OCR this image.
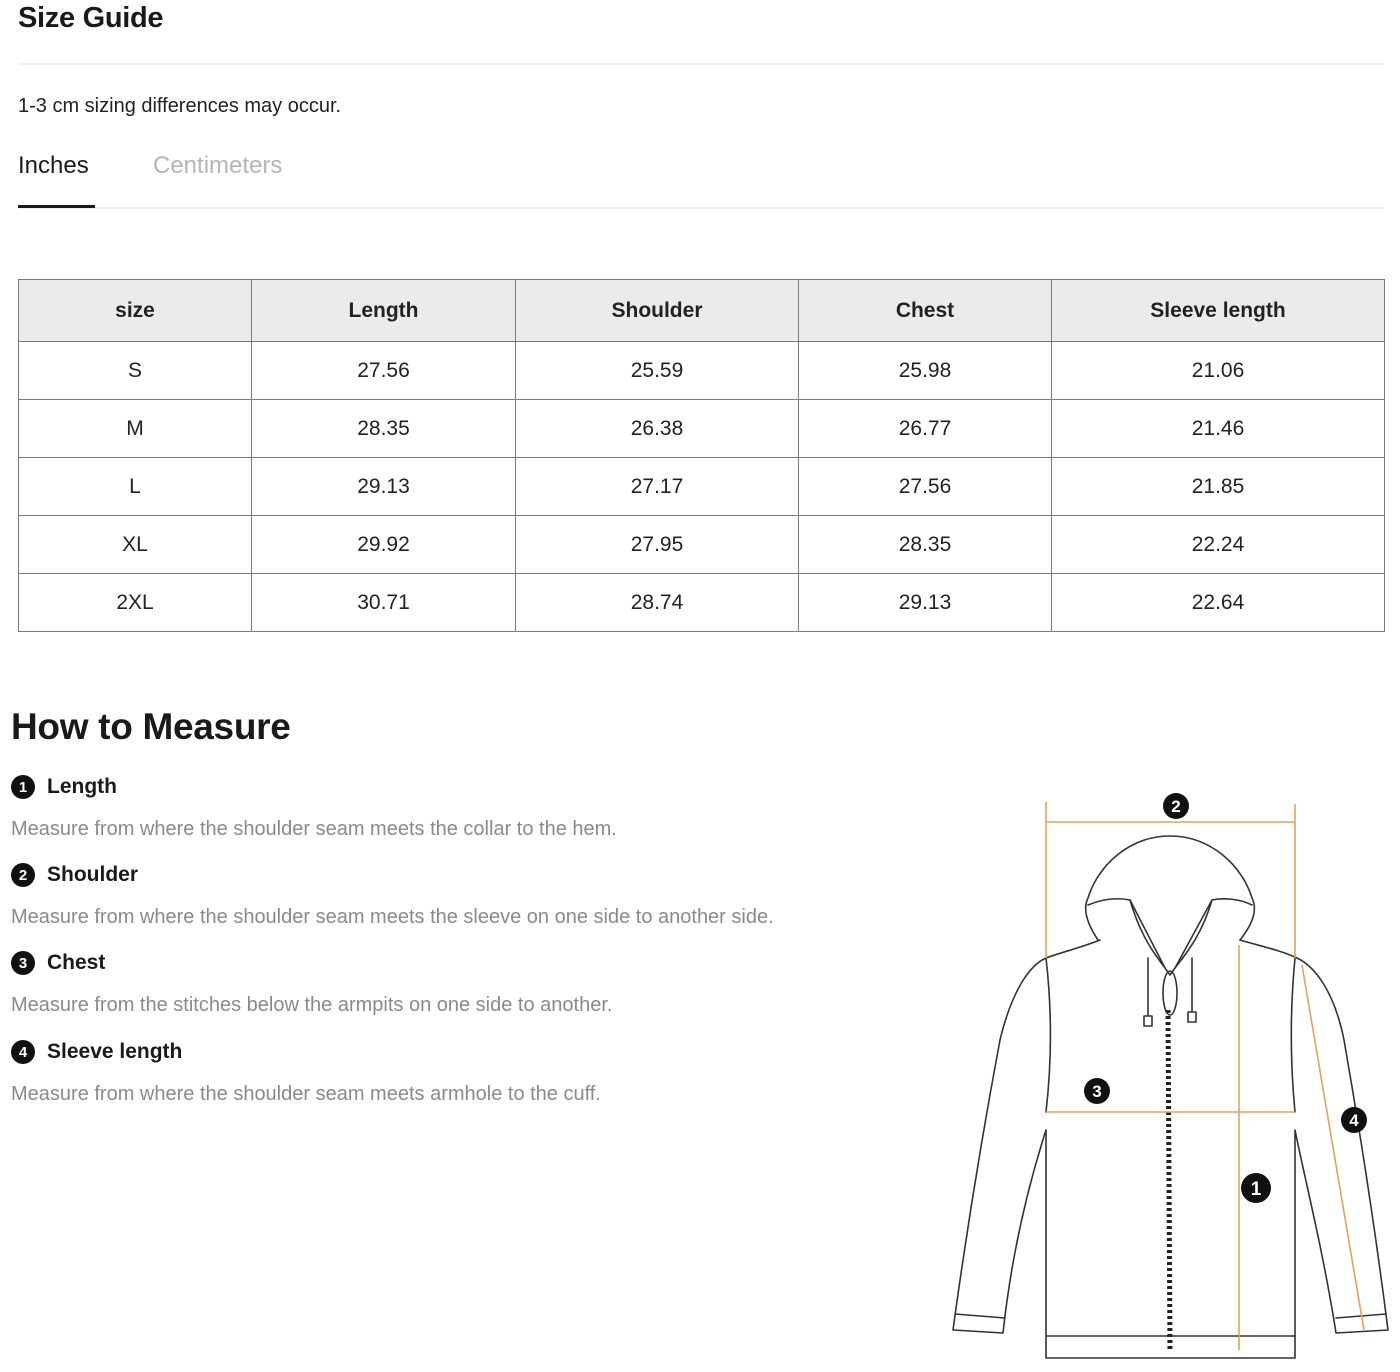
Size Guide
1-3 cm sizing differences may occur.
Inches	Centimeters
size	Length	Shoulder	Chest	Sleeve length
S	27.56	25.59	25.98	21.06
M	28.35	26.38	26.77	21.46
L	29.13	27.17	27.56	21.85
XL	29.92	27.95	28.35	22.24
2XL	30.71	28.74	29.13	22.64
How to Measure
1 Length
Measure from where the shoulder seam meets the collar to the hem.
2 Shoulder
Measure from where the shoulder seam meets the sleeve on one side to another side.
3 Chest
Measure from the stitches below the armpits on one side to another.
4 Sleeve length
Measure from where the shoulder seam meets armhole to the cuff.
2
3
4
1
